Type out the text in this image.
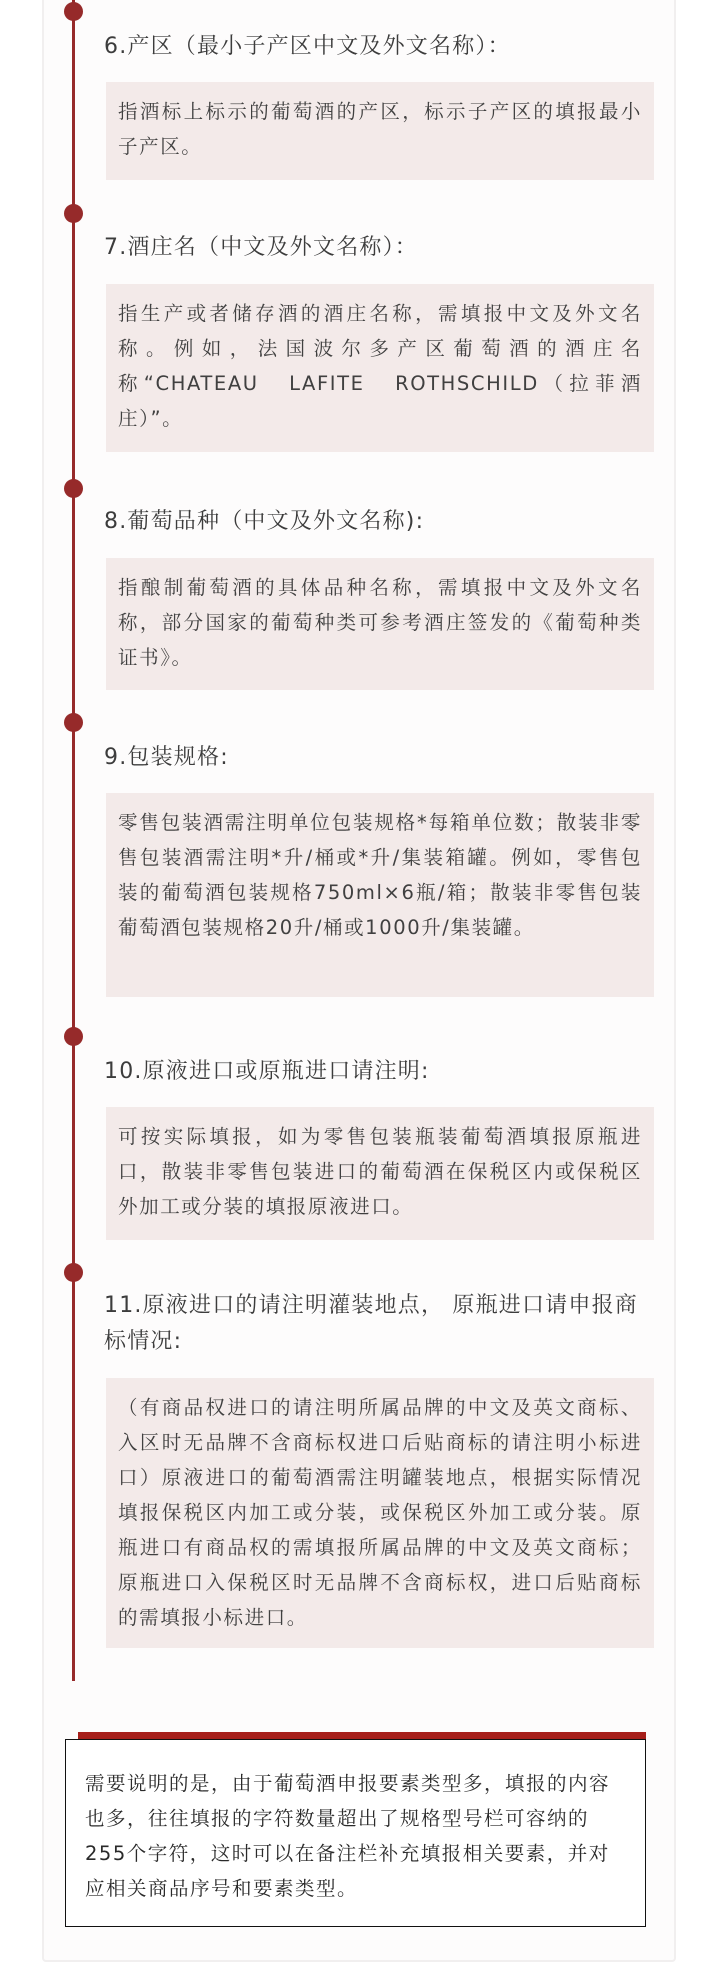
6.产区（最小子产区中文及外文名称）：

指酒标上标示的葡萄酒的产区，标示子产区的填报最小子产区。

7.酒庄名（中文及外文名称）：

指生产或者储存酒的酒庄名称，需填报中文及外文名称。例如，法国波尔多产区葡萄酒的酒庄名称“CHATEAU　LAFITE　ROTHSCHILD（拉菲酒庄）”。

8.葡萄品种（中文及外文名称):

指酿制葡萄酒的具体品种名称，需填报中文及外文名称，部分国家的葡萄种类可参考酒庄签发的《葡萄种类证书》。

9.包装规格:

零售包装酒需注明单位包装规格*每箱单位数；散装非零售包装酒需注明*升/桶或*升/集装箱罐。例如，零售包装的葡萄酒包装规格750ml×6瓶/箱；散装非零售包装葡萄酒包装规格20升/桶或1000升/集装罐。

10.原液进口或原瓶进口请注明:

可按实际填报，如为零售包装瓶装葡萄酒填报原瓶进口，散装非零售包装进口的葡萄酒在保税区内或保税区外加工或分装的填报原液进口。

11.原液进口的请注明灌装地点， 原瓶进口请申报商标情况:

（有商品权进口的请注明所属品牌的中文及英文商标、入区时无品牌不含商标权进口后贴商标的请注明小标进口）原液进口的葡萄酒需注明罐装地点，根据实际情况填报保税区内加工或分装，或保税区外加工或分装。原瓶进口有商品权的需填报所属品牌的中文及英文商标；原瓶进口入保税区时无品牌不含商标权，进口后贴商标的需填报小标进口。

需要说明的是，由于葡萄酒申报要素类型多，填报的内容也多，往往填报的字符数量超出了规格型号栏可容纳的255个字符，这时可以在备注栏补充填报相关要素，并对应相关商品序号和要素类型。
